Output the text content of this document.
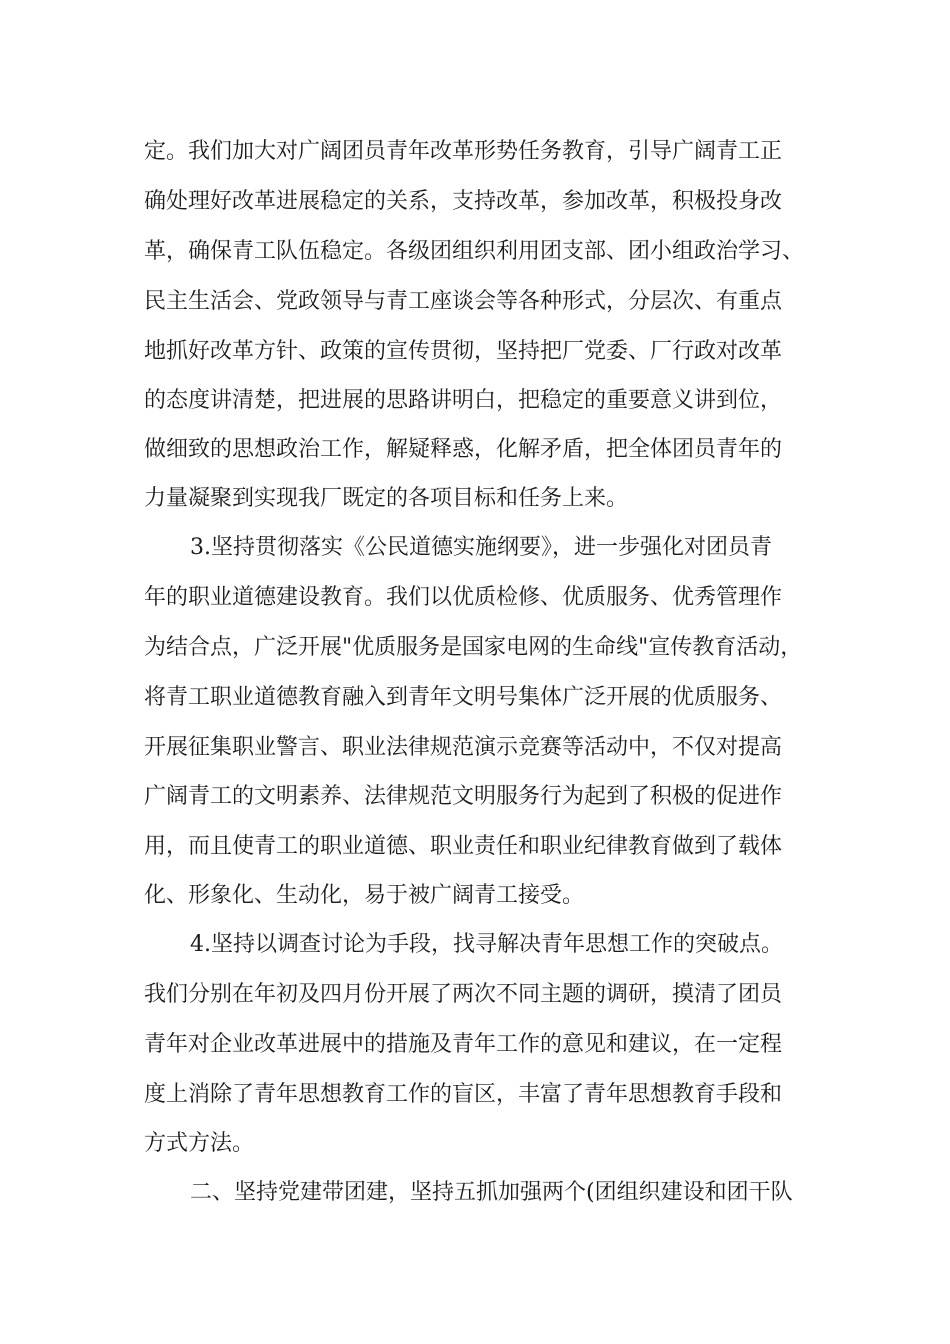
定。我们加大对广阔团员青年改革形势任务教育，引导广阔青工正
确处理好改革进展稳定的关系，支持改革，参加改革，积极投身改
革，确保青工队伍稳定。各级团组织利用团支部、团小组政治学习、
民主生活会、党政领导与青工座谈会等各种形式，分层次、有重点
地抓好改革方针、政策的宣传贯彻，坚持把厂党委、厂行政对改革
的态度讲清楚，把进展的思路讲明白，把稳定的重要意义讲到位，
做细致的思想政治工作，解疑释惑，化解矛盾，把全体团员青年的
力量凝聚到实现我厂既定的各项目标和任务上来。
3.坚持贯彻落实《公民道德实施纲要》，进一步强化对团员青
年的职业道德建设教育。我们以优质检修、优质服务、优秀管理作
为结合点，广泛开展"优质服务是国家电网的生命线"宣传教育活动，
将青工职业道德教育融入到青年文明号集体广泛开展的优质服务、
开展征集职业警言、职业法律规范演示竞赛等活动中，不仅对提高
广阔青工的文明素养、法律规范文明服务行为起到了积极的促进作
用，而且使青工的职业道德、职业责任和职业纪律教育做到了载体
化、形象化、生动化，易于被广阔青工接受。
4.坚持以调查讨论为手段，找寻解决青年思想工作的突破点。
我们分别在年初及四月份开展了两次不同主题的调研，摸清了团员
青年对企业改革进展中的措施及青年工作的意见和建议，在一定程
度上消除了青年思想教育工作的盲区，丰富了青年思想教育手段和
方式方法。
二、坚持党建带团建，坚持五抓加强两个(团组织建设和团干队
